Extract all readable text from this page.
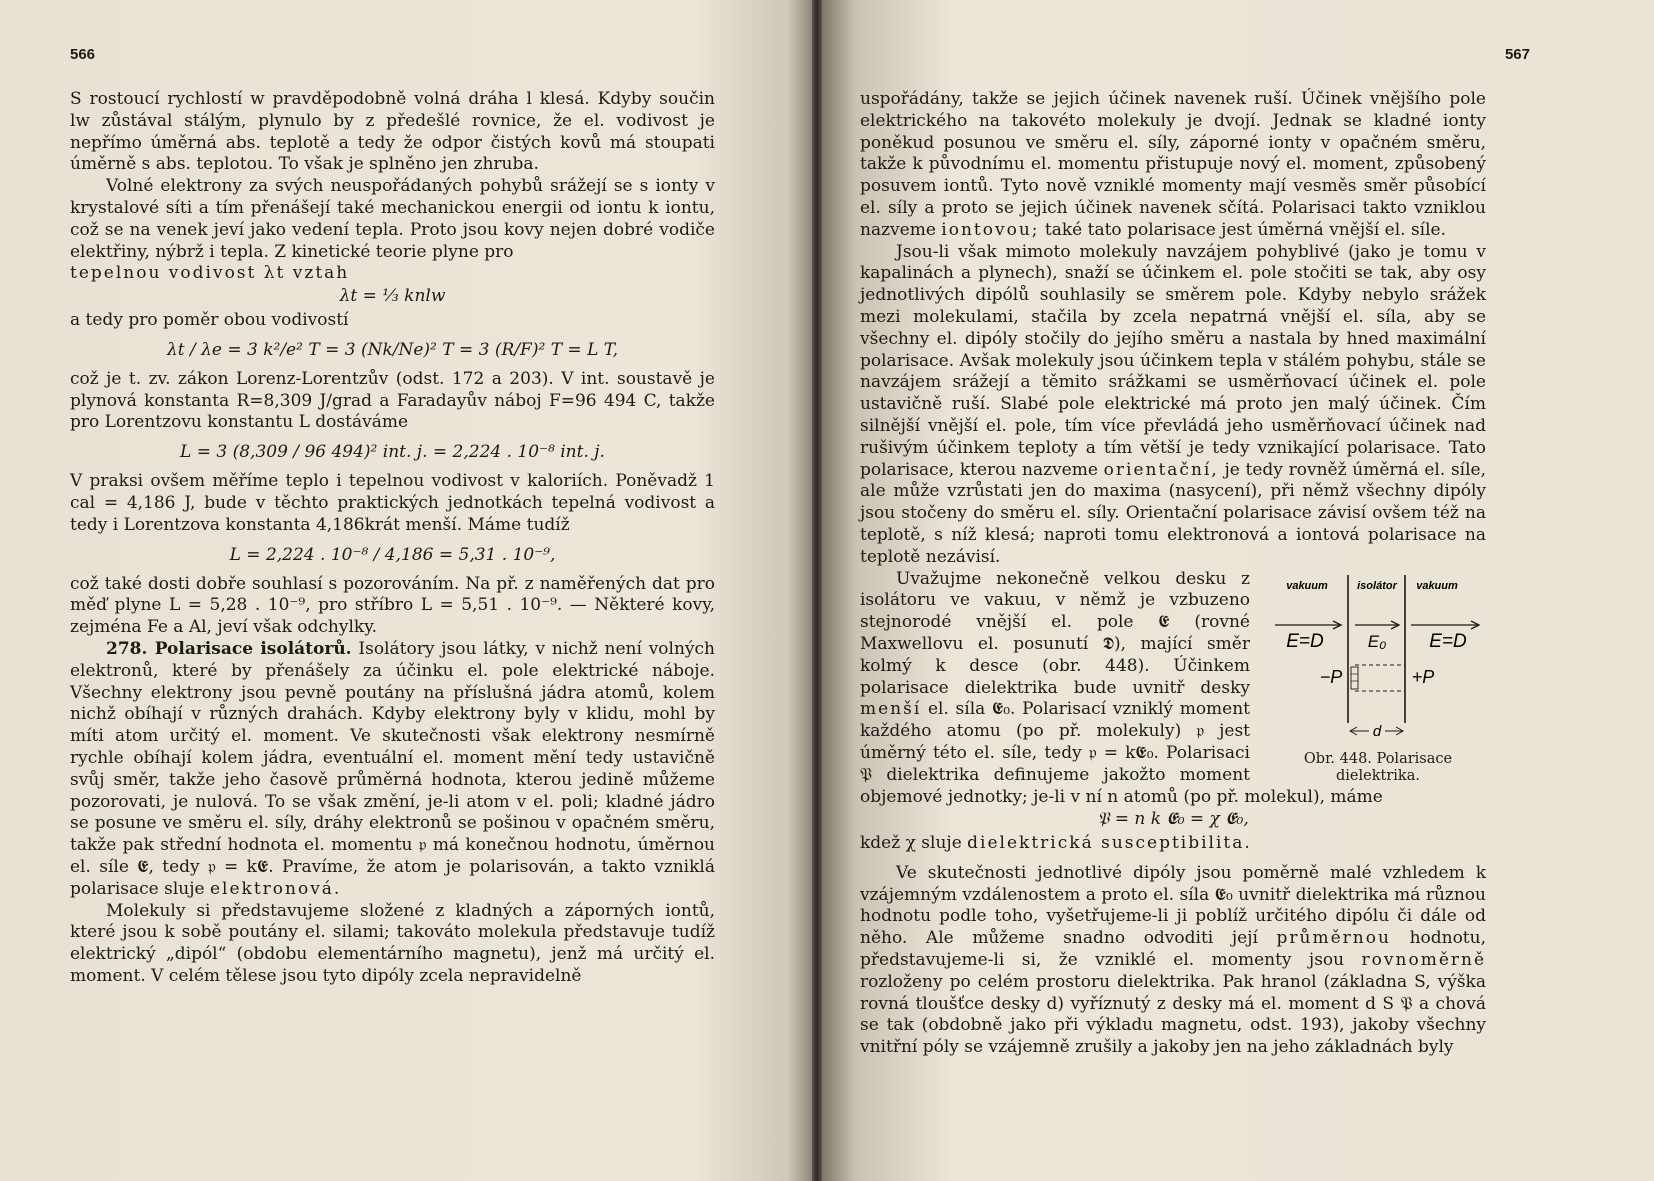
566

S rostoucí rychlostí w pravděpodobně volná dráha l klesá. Kdyby součin lw zůstával stálým, plynulo by z předešlé rovnice, že el. vodivost je nepřímo úměrná abs. teplotě a tedy že odpor čistých kovů má stoupati úměrně s abs. teplotou. To však je splněno jen zhruba.

Volné elektrony za svých neuspořádaných pohybů srážejí se s ionty v krystalové síti a tím přenášejí také mechanickou energii od iontu k iontu, což se na venek jeví jako vedení tepla. Proto jsou kovy nejen dobré vodiče elektřiny, nýbrž i tepla. Z kinetické teorie plyne pro

tepelnou vodivost λt vztah

λt = ⅓ knlw

a tedy pro poměr obou vodivostí

λt / λe = 3 k²/e² T = 3 (Nk/Ne)² T = 3 (R/F)² T = L T,

což je t. zv. zákon Lorenz-Lorentzův (odst. 172 a 203). V int. soustavě je plynová konstanta R=8,309 J/grad a Faradayův náboj F=96 494 C, takže pro Lorentzovu konstantu L dostáváme

L = 3 (8,309 / 96 494)² int. j. = 2,224 . 10⁻⁸ int. j.

V praksi ovšem měříme teplo i tepelnou vodivost v kaloriích. Poněvadž 1 cal = 4,186 J, bude v těchto praktických jednotkách tepelná vodivost a tedy i Lorentzova konstanta 4,186krát menší. Máme tudíž

L = 2,224 . 10⁻⁸ / 4,186 = 5,31 . 10⁻⁹,

což také dosti dobře souhlasí s pozorováním. Na př. z naměřených dat pro měď plyne L = 5,28 . 10⁻⁹, pro stříbro L = 5,51 . 10⁻⁹. — Některé kovy, zejména Fe a Al, jeví však odchylky.

278. Polarisace isolátorů. Isolátory jsou látky, v nichž není volných elektronů, které by přenášely za účinku el. pole elektrické náboje. Všechny elektrony jsou pevně poutány na příslušná jádra atomů, kolem nichž obíhají v různých drahách. Kdyby elektrony byly v klidu, mohl by míti atom určitý el. moment. Ve skutečnosti však elektrony nesmírně rychle obíhají kolem jádra, eventuální el. moment mění tedy ustavičně svůj směr, takže jeho časově průměrná hodnota, kterou jedině můžeme pozorovati, je nulová. To se však změní, je-li atom v el. poli; kladné jádro se posune ve směru el. síly, dráhy elektronů se pošinou v opačném směru, takže pak střední hodnota el. momentu 𝔭 má konečnou hodnotu, úměrnou el. síle 𝕰, tedy 𝔭 = k𝕰. Pravíme, že atom je polarisován, a takto vzniklá polarisace sluje elektronová.

Molekuly si představujeme složené z kladných a záporných iontů, které jsou k sobě poutány el. silami; takováto molekula představuje tudíž elektrický „dipól“ (obdobu elementárního magnetu), jenž má určitý el. moment. V celém tělese jsou tyto dipóly zcela nepravidelně

567

uspořádány, takže se jejich účinek navenek ruší. Účinek vnějšího pole elektrického na takovéto molekuly je dvojí. Jednak se kladné ionty poněkud posunou ve směru el. síly, záporné ionty v opačném směru, takže k původnímu el. momentu přistupuje nový el. moment, způsobený posuvem iontů. Tyto nově vzniklé momenty mají vesměs směr působící el. síly a proto se jejich účinek navenek sčítá. Polarisaci takto vzniklou nazveme iontovou; také tato polarisace jest úměrná vnější el. síle.

Jsou-li však mimoto molekuly navzájem pohyblivé (jako je tomu v kapalinách a plynech), snaží se účinkem el. pole stočiti se tak, aby osy jednotlivých dipólů souhlasily se směrem pole. Kdyby nebylo srážek mezi molekulami, stačila by zcela nepatrná vnější el. síla, aby se všechny el. dipóly stočily do jejího směru a nastala by hned maximální polarisace. Avšak molekuly jsou účinkem tepla v stálém pohybu, stále se navzájem srážejí a těmito srážkami se usměrňovací účinek el. pole ustavičně ruší. Slabé pole elektrické má proto jen malý účinek. Čím silnější vnější el. pole, tím více převládá jeho usměrňovací účinek nad rušivým účinkem teploty a tím větší je tedy vznikající polarisace. Tato polarisace, kterou nazveme orientační, je tedy rovněž úměrná el. síle, ale může vzrůstati jen do maxima (nasycení), při němž všechny dipóly jsou stočeny do směru el. síly. Orientační polarisace závisí ovšem též na teplotě, s níž klesá; naproti tomu elektronová a iontová polarisace na teplotě nezávisí.

vakuum	isolátor vakuum
E=D	E₀ E=D
−P	+P
d
Obr. 448. Polarisace dielektrika.

Uvažujme nekonečně velkou desku z isolátoru ve vakuu, v němž je vzbuzeno stejnorodé vnější el. pole 𝕰 (rovné Maxwellovu el. posunutí 𝕯), mající směr kolmý k desce (obr. 448). Účinkem polarisace dielektrika bude uvnitř desky menší el. síla 𝕰₀. Polarisací vzniklý moment každého atomu (po př. molekuly) 𝔭 jest úměrný této el. síle, tedy 𝔭 = k𝕰₀. Polarisaci 𝔓 dielektrika definujeme jakožto moment objemové jednotky; je-li v ní n atomů (po př. molekul), máme

𝔓 = n k 𝕰₀ = χ 𝕰₀,

kdež χ sluje dielektrická susceptibilita.

Ve skutečnosti jednotlivé dipóly jsou poměrně malé vzhledem k vzájemným vzdálenostem a proto el. síla 𝕰₀ uvnitř dielektrika má různou hodnotu podle toho, vyšetřujeme-li ji poblíž určitého dipólu či dále od něho. Ale můžeme snadno odvoditi její průměrnou hodnotu, představujeme-li si, že vzniklé el. momenty jsou rovnoměrně rozloženy po celém prostoru dielektrika. Pak hranol (základna S, výška rovná tloušťce desky d) vyříznutý z desky má el. moment d S 𝔓 a chová se tak (obdobně jako při výkladu magnetu, odst. 193), jakoby všechny vnitřní póly se vzájemně zrušily a jakoby jen na jeho základnách byly
